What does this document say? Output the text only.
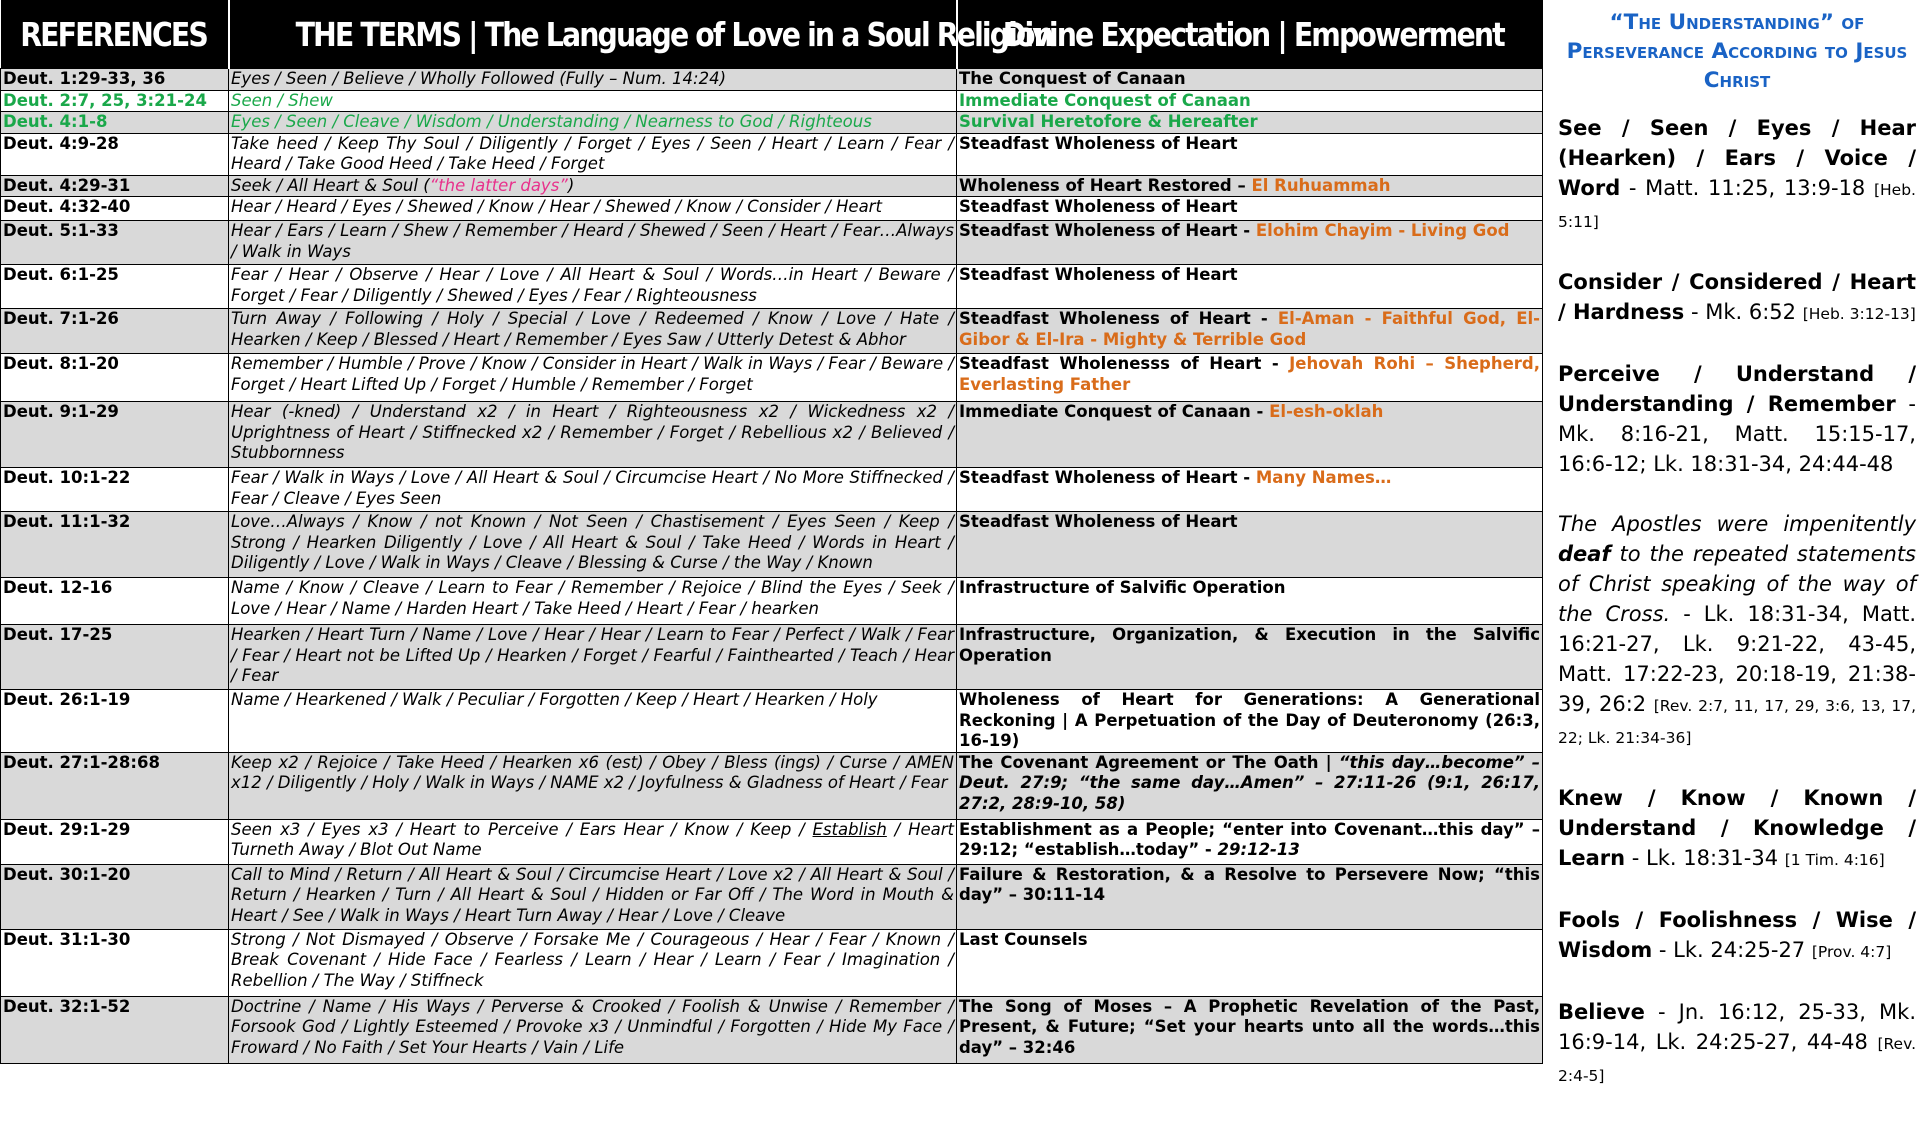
REFERENCES	THE TERMS | The Language of Love in a Soul Religion	Divine Expectation | Empowerment
Deut. 1:29-33, 36	Eyes / Seen / Believe / Wholly Followed (Fully – Num. 14:24)	The Conquest of Canaan
Deut. 2:7, 25, 3:21-24	Seen / Shew	Immediate Conquest of Canaan
Deut. 4:1-8	Eyes / Seen / Cleave / Wisdom / Understanding / Nearness to God / Righteous	Survival Heretofore & Hereafter
Deut. 4:9-28	Take heed / Keep Thy Soul / Diligently / Forget / Eyes / Seen / Heart / Learn / Fear / Heard / Take Good Heed / Take Heed / Forget	Steadfast Wholeness of Heart
Deut. 4:29-31	Seek / All Heart & Soul (“the latter days”)	Wholeness of Heart Restored – El Ruhuammah
Deut. 4:32-40	Hear / Heard / Eyes / Shewed / Know / Hear / Shewed / Know / Consider / Heart	Steadfast Wholeness of Heart
Deut. 5:1-33	Hear / Ears / Learn / Shew / Remember / Heard / Shewed / Seen / Heart / Fear…Always / Walk in Ways	Steadfast Wholeness of Heart - Elohim Chayim - Living God
Deut. 6:1-25	Fear / Hear / Observe / Hear / Love / All Heart & Soul / Words…in Heart / Beware / Forget / Fear / Diligently / Shewed / Eyes / Fear / Righteousness	Steadfast Wholeness of Heart
Deut. 7:1-26	Turn Away / Following / Holy / Special / Love / Redeemed / Know / Love / Hate / Hearken / Keep / Blessed / Heart / Remember / Eyes Saw / Utterly Detest & Abhor	Steadfast Wholeness of Heart - El-Aman - Faithful God, El-Gibor & El-Ira - Mighty & Terrible God
Deut. 8:1-20	Remember / Humble / Prove / Know / Consider in Heart / Walk in Ways / Fear / Beware / Forget / Heart Lifted Up / Forget / Humble / Remember / Forget	Steadfast Wholenesss of Heart - Jehovah Rohi – Shepherd, Everlasting Father
Deut. 9:1-29	Hear (-kned) / Understand x2 / in Heart / Righteousness x2 / Wickedness x2 / Uprightness of Heart / Stiffnecked x2 / Remember / Forget / Rebellious x2 / Believed / Stubbornness	Immediate Conquest of Canaan - El-esh-oklah
Deut. 10:1-22	Fear / Walk in Ways / Love / All Heart & Soul / Circumcise Heart / No More Stiffnecked / Fear / Cleave / Eyes Seen	Steadfast Wholeness of Heart - Many Names…
Deut. 11:1-32	Love…Always / Know / not Known / Not Seen / Chastisement / Eyes Seen / Keep / Strong / Hearken Diligently / Love / All Heart & Soul / Take Heed / Words in Heart / Diligently / Love / Walk in Ways / Cleave / Blessing & Curse / the Way / Known	Steadfast Wholeness of Heart
Deut. 12-16	Name / Know / Cleave / Learn to Fear / Remember / Rejoice / Blind the Eyes / Seek / Love / Hear / Name / Harden Heart / Take Heed / Heart / Fear / hearken	Infrastructure of Salvific Operation
Deut. 17-25	Hearken / Heart Turn / Name / Love / Hear / Hear / Learn to Fear / Perfect / Walk / Fear / Fear / Heart not be Lifted Up / Hearken / Forget / Fearful / Fainthearted / Teach / Hear / Fear	Infrastructure, Organization, & Execution in the Salvific Operation
Deut. 26:1-19	Name / Hearkened / Walk / Peculiar / Forgotten / Keep / Heart / Hearken / Holy	Wholeness of Heart for Generations: A Generational Reckoning | A Perpetuation of the Day of Deuteronomy (26:3, 16-19)
Deut. 27:1-28:68	Keep x2 / Rejoice / Take Heed / Hearken x6 (est) / Obey / Bless (ings) / Curse / AMEN x12 / Diligently / Holy / Walk in Ways / NAME x2 / Joyfulness & Gladness of Heart / Fear	The Covenant Agreement or The Oath | “this day…become” – Deut. 27:9; “the same day…Amen” – 27:11-26 (9:1, 26:17, 27:2, 28:9-10, 58)
Deut. 29:1-29	Seen x3 / Eyes x3 / Heart to Perceive / Ears Hear / Know / Keep / Establish / Heart Turneth Away / Blot Out Name	Establishment as a People; “enter into Covenant…this day” – 29:12; “establish…today” - 29:12-13
Deut. 30:1-20	Call to Mind / Return / All Heart & Soul / Circumcise Heart / Love x2 / All Heart & Soul / Return / Hearken / Turn / All Heart & Soul / Hidden or Far Off / The Word in Mouth & Heart / See / Walk in Ways / Heart Turn Away / Hear / Love / Cleave	Failure & Restoration, & a Resolve to Persevere Now; “this day” – 30:11-14
Deut. 31:1-30	Strong / Not Dismayed / Observe / Forsake Me / Courageous / Hear / Fear / Known / Break Covenant / Hide Face / Fearless / Learn / Hear / Learn / Fear / Imagination / Rebellion / The Way / Stiffneck	Last Counsels
Deut. 32:1-52	Doctrine / Name / His Ways / Perverse & Crooked / Foolish & Unwise / Remember / Forsook God / Lightly Esteemed / Provoke x3 / Unmindful / Forgotten / Hide My Face / Froward / No Faith / Set Your Hearts / Vain / Life	The Song of Moses – A Prophetic Revelation of the Past, Present, & Future; “Set your hearts unto all the words…this day” – 32:46
“The Understanding” of Perseverance According to Jesus Christ
See / Seen / Eyes / Hear (Hearken) / Ears / Voice / Word - Matt. 11:25, 13:9-18 [Heb. 5:11]
Consider / Considered / Heart / Hardness - Mk. 6:52 [Heb. 3:12-13]
Perceive / Understand / Understanding / Remember - Mk. 8:16-21, Matt. 15:15-17, 16:6-12; Lk. 18:31-34, 24:44-48
The Apostles were impenitently deaf to the repeated statements of Christ speaking of the way of the Cross. - Lk. 18:31-34, Matt. 16:21-27, Lk. 9:21-22, 43-45, Matt. 17:22-23, 20:18-19, 21:38-39, 26:2 [Rev. 2:7, 11, 17, 29, 3:6, 13, 17, 22; Lk. 21:34-36]
Knew / Know / Known / Understand / Knowledge / Learn - Lk. 18:31-34 [1 Tim. 4:16]
Fools / Foolishness / Wise / Wisdom - Lk. 24:25-27 [Prov. 4:7]
Believe - Jn. 16:12, 25-33, Mk. 16:9-14, Lk. 24:25-27, 44-48 [Rev. 2:4-5]
